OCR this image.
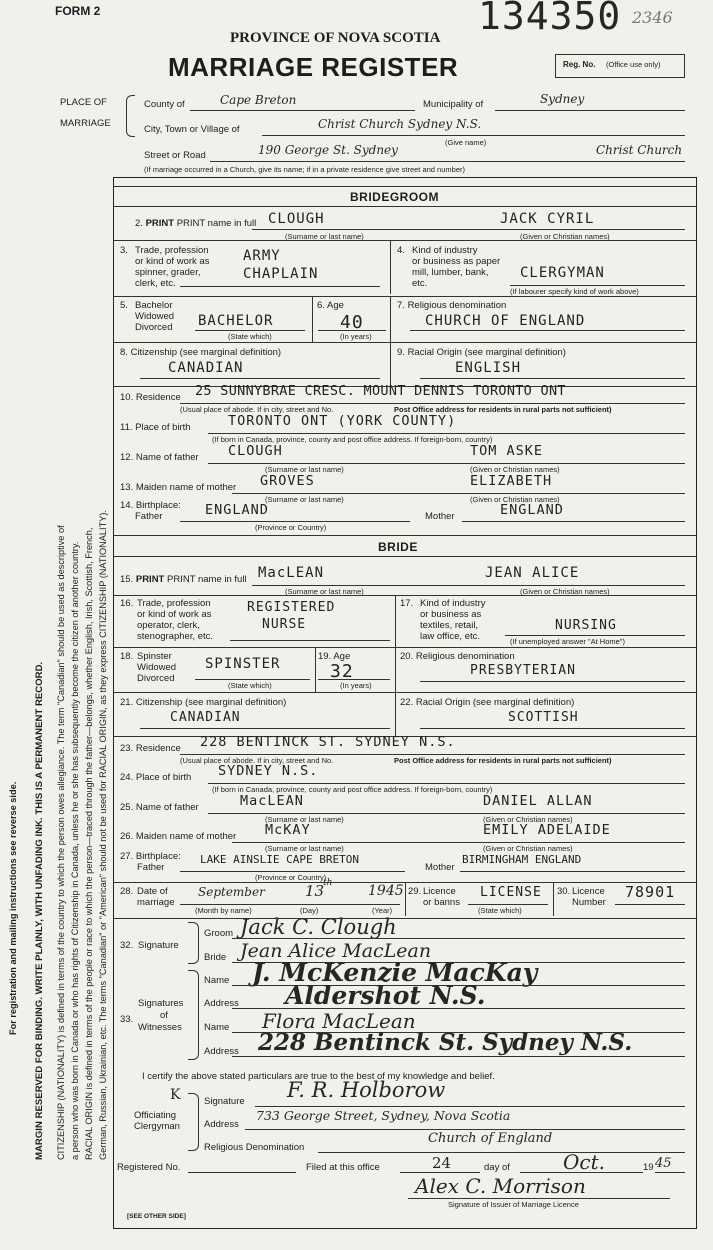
FORM 2	134350 2346
PROVINCE OF NOVA SCOTIA
MARRIAGE REGISTER	Reg. No. (Office use only)
PLACE OF
MARRIAGE
County of	Cape Breton	Municipality of	Sydney
City, Town or Village of	Christ Church Sydney N.S.
(Give name)
Street or Road	190 George St. Sydney	Christ Church
(If marriage occurred in a Church, give its name; if in a private residence give street and number)
For registration and mailing instructions see reverse side. MARGIN RESERVED FOR BINDING. WRITE PLAINLY, WITH UNFADING INK. THIS IS A PERMANENT RECORD. CITIZENSHIP (NATIONALITY) is defined in terms of the country to which the person owes allegiance. The term "Canadian" should be used as descriptive of a person who was born in Canada or who has rights of Citizenship in Canada, unless he or she has subsequently become the citizen of another country. RACIAL ORIGIN is defined in terms of the people or race to which the person—traced through the father—belongs, whether English, Irish, Scottish, French, German, Russian, Ukrainian, etc. The terms "Canadian" or "American" should not be used for RACIAL ORIGIN, as they express CITIZENSHIP (NATIONALITY).
BRIDEGROOM
2. PRINT PRINT name in full CLOUGH	JACK CYRIL
(Surname or last name)	(Given or Christian names)
3. Trade, profession
or kind of work as
spinner, grader,
clerk, etc.
ARMY
CHAPLAIN
4. Kind of industry
or business as paper
mill, lumber, bank,
etc.
CLERGYMAN
(If labourer specify kind of work above)
5. Bachelor
Widowed
Divorced BACHELOR
(State which)
6. Age
40
(In years)
7. Religious denomination
CHURCH OF ENGLAND
8. Citizenship (see marginal definition)
CANADIAN
9. Racial Origin (see marginal definition)
ENGLISH
10. Residence 25 SUNNYBRAE CRESC. MOUNT DENNIS TORONTO ONT
(Usual place of abode. If in city, street and No.	Post Office address for residents in rural parts not sufficient)
11. Place of birth	TORONTO ONT (YORK COUNTY)
(If born in Canada, province, county and post office address. If foreign-born, country)
12. Name of father CLOUGH	TOM ASKE
(Surname or last name)	(Given or Christian names)
13. Maiden name of mother GROVES	ELIZABETH
(Surname or last name)	(Given or Christian names)
14. Birthplace:
Father	ENGLAND	Mother	ENGLAND
(Province or Country)
BRIDE
15. PRINT PRINT name in full MacLEAN	JEAN ALICE
(Surname or last name)	(Given or Christian names)
16. Trade, profession
or kind of work as
operator, clerk,
stenographer, etc.
REGISTERED
NURSE
17. Kind of industry
or business as
textiles, retail,
law office, etc.
NURSING
(If unemployed answer "At Home")
18. Spinster
Widowed
Divorced
SPINSTER
(State which)
19. Age
32
(In years)
20. Religious denomination
PRESBYTERIAN
21. Citizenship (see marginal definition)
CANADIAN
22. Racial Origin (see marginal definition)
SCOTTISH
23. Residence 228 BENTINCK ST. SYDNEY N.S.
(Usual place of abode. If in city, street and No.	Post Office address for residents in rural parts not sufficient)
24. Place of birth SYDNEY N.S.
(If born in Canada, province, county and post office address. If foreign-born, country)
25. Name of father	MacLEAN	DANIEL ALLAN
(Surname or last name)	(Given or Christian names)
26. Maiden name of mother McKAY	EMILY ADELAIDE
(Surname or last name)	(Given or Christian names)
27. Birthplace:
Father
LAKE AINSLIE CAPE BRETON
Mother
BIRMINGHAM ENGLAND
(Province or Country)
28. Date of
marriage
September	13
th	1945
(Month by name)	(Day)	(Year)
29. Licence
or banns
LICENSE
(State which)
30. Licence
Number
78901
32. Signature
Groom Jack C. Clough
Bride Jean Alice MacLean
Signatures
of
33.
Witnesses
Name J. McKenzie MacKay
Address Aldershot N.S.
Name Flora MacLean
Address 228 Bentinck St. Sydney N.S.
I certify the above stated particulars are true to the best of my knowledge and belief.
K
Officiating
Clergyman
Signature F. R. Holborow
Address
733 George Street, Sydney, Nova Scotia
Religious Denomination
Church of England
Registered No.	Filed at this office	24	day of	Oct.	19 45
Alex C. Morrison
Signature of Issuer of Marriage Licence
[SEE OTHER SIDE]
